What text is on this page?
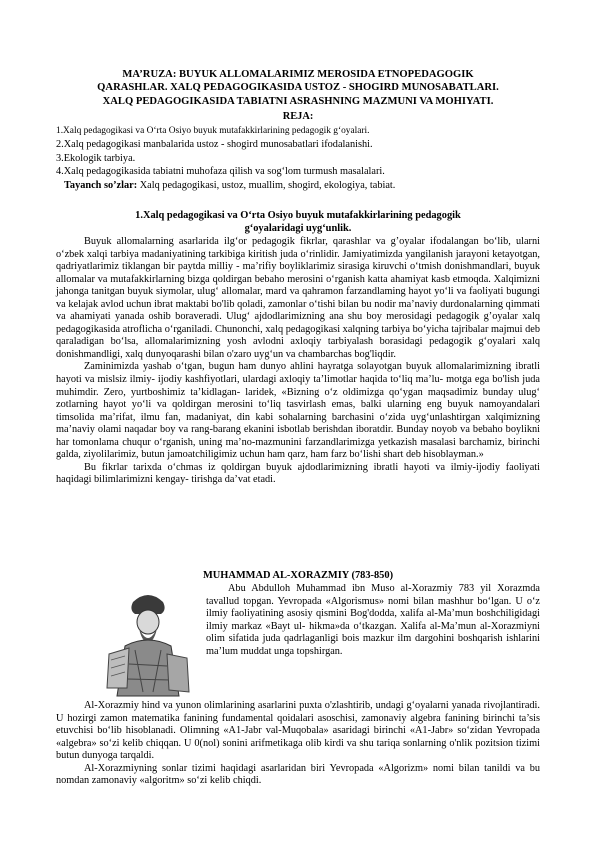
MA’RUZA: BUYUK ALLOMALARIMIZ MEROSIDA ETNOPEDAGOGIK
QARASHLAR. XALQ PEDAGOGIKASIDA USTOZ - SHOGIRD MUNOSABATLARI.
XALQ PEDAGOGIKASIDA TABIATNI ASRASHNING MAZMUNI VA MOHIYATI.
REJA:
1.Xalq pedagogikasi va O‘rta Osiyo buyuk mutafakkirlarining pedagogik g‘oyalari.
2.Xalq pedagogikasi manbalarida ustoz - shogird munosabatlari ifodalanishi.
3.Ekologik tarbiya.
4.Xalq pedagogikasida tabiatni muhofaza qilish va sog‘lom turmush masalalari.
Tayanch so’zlar: Xalq pedagogikasi, ustoz, muallim, shogird, ekologiya, tabiat.
1.Xalq pedagogikasi va O‘rta Osiyo buyuk mutafakkirlarining pedagogik
g‘oyalaridagi uyg‘unlik.

Buyuk allomalarning asarlarida ilg‘or pedagogik fikrlar, qarashlar va g’oyalar ifodalangan bo‘lib, ularni o‘zbek xalqi tarbiya madaniyatining tarkibiga kiritish juda o‘rinlidir. Jamiyatimizda yangilanish jarayoni ketayotgan, qadriyatlarimiz tiklangan bir paytda milliy - ma’rifiy boyliklarimiz sirasiga kiruvchi o‘tmish donishmandlari, buyuk allomalar va mutafakkirlarning bizga qoldirgan bebaho merosini o‘rganish katta ahamiyat kasb etmoqda. Xalqimizni jahonga tanitgan buyuk siymolar, ulug‘ allomalar, mard va qahramon farzandlaming hayot yo‘li va faoliyati bugungi va kelajak avlod uchun ibrat maktabi bo'lib qoladi, zamonlar o‘tishi bilan bu nodir ma’naviy durdonalarning qimmati va ahamiyati yanada oshib boraveradi. Ulug‘ ajdodlarimizning ana shu boy merosidagi pedagogik g’oyalar xalq pedagogikasida atroflicha o‘rganiladi. Chunonchi, xalq pedagogikasi xalqning tarbiya bo‘yicha tajribalar majmui deb qaraladigan bo‘lsa, allomalarimizning yosh avlodni axloqiy tarbiyalash borasidagi pedagogik g‘oyalari xalq donishmandligi, xalq dunyoqarashi bilan o'zaro uyg‘un va chambarchas bog'liqdir.

Zaminimizda yashab o‘tgan, bugun ham dunyo ahlini hayratga solayotgan buyuk allomalarimizning ibratli hayoti va mislsiz ilmiy- ijodiy kashfiyotlari, ulardagi axloqiy ta’limotlar haqida to‘liq ma’lu- motga ega bo'lish juda muhimdir. Zero, yurtboshimiz ta’kidlagan- laridek, «Bizning o‘z oldimizga qo‘ygan maqsadimiz bunday ulug‘ zotlarning hayot yo‘li va qoldirgan merosini to‘liq tasvirlash emas, balki ularning eng buyuk namoyandalari timsolida ma’rifat, ilmu fan, madaniyat, din kabi sohalarning barchasini o‘zida uyg‘unlashtirgan xalqimizning ma’naviy olami naqadar boy va rang-barang ekanini isbotlab berishdan iboratdir. Bunday noyob va bebaho boylikni har tomonlama chuqur o‘rganish, uning ma’no-mazmunini farzandlarimizga yetkazish masalasi barchamiz, birinchi galda, ziyolilarimiz, butun jamoatchiligimiz uchun ham qarz, ham farz bo‘lishi shart deb hisoblayman.»

Bu fikrlar tarixda o‘chmas iz qoldirgan buyuk ajdodlarimizning ibratli hayoti va ilmiy-ijodiy faoliyati haqidagi bilimlarimizni kengay- tirishga da’vat etadi.

MUHAMMAD AL-XORAZMIY (783-850)

Abu Abdulloh Muhammad ibn Muso al-Xorazmiy 783 yil Xorazmda tavallud topgan. Yevropada «Algorismus» nomi bilan mashhur bo‘lgan. U o‘z ilmiy faoliyatining asosiy qismini Bog'dodda, xalifa al-Ma’mun boshchiligidagi ilmiy markaz «Bayt ul- hikma»da o‘tkazgan. Xalifa al-Ma’mun al-Xorazmiyni olim sifatida juda qadrlaganligi bois mazkur ilm dargohini boshqarish ishlarini ma’lum muddat unga topshirgan.

Al-Xorazmiy hind va yunon olimlarining asarlarini puxta o'zlashtirib, undagi g‘oyalarni yanada rivojlantiradi. U hozirgi zamon matematika fanining fundamental qoidalari asoschisi, zamonaviy algebra fanining birinchi ta’sis etuvchisi bo‘lib hisoblanadi. Olimning «A1-Jabr val-Muqobala» asaridagi birinchi «A1-Jabr» so‘zidan Yevropada «algebra» so‘zi kelib chiqqan. U 0(nol) sonini arifmetikaga olib kirdi va shu tariqa sonlarning o'nlik pozitsion tizimi butun dunyoga tarqaldi.

Al-Xorazmiyning sonlar tizimi haqidagi asarlaridan biri Yevropada «Algorizm» nomi bilan tanildi va bu nomdan zamonaviy «algoritm» so‘zi kelib chiqdi.
